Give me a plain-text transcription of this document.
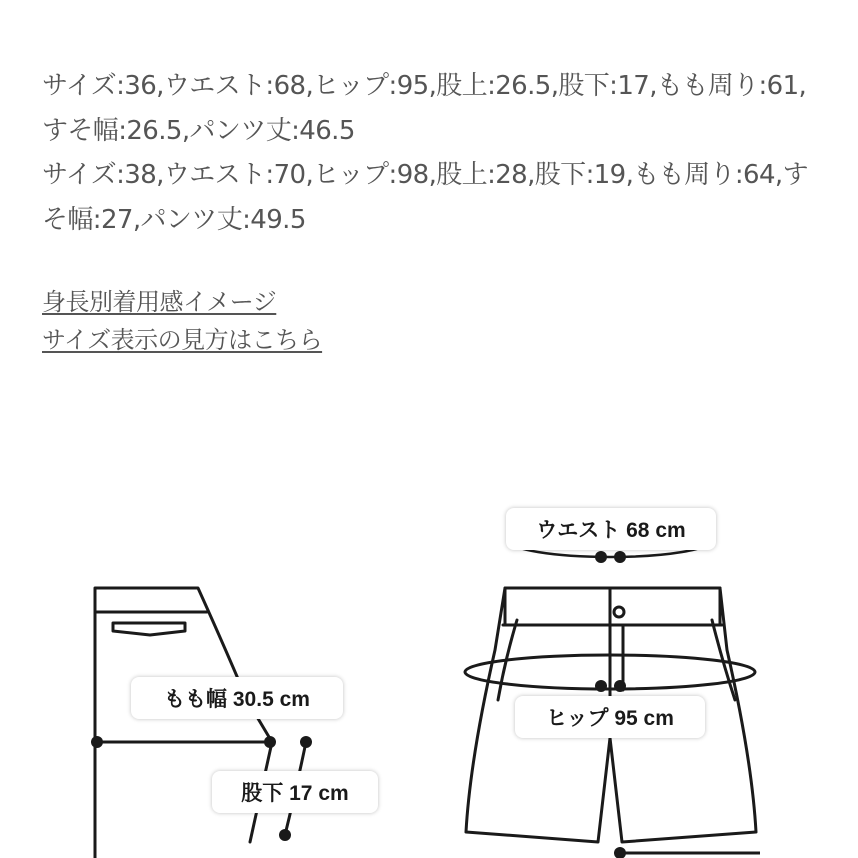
サイズ:36,ウエスト:68,ヒップ:95,股上:26.5,股下:17,もも周り:61,すそ幅:26.5,パンツ丈:46.5

サイズ:38,ウエスト:70,ヒップ:98,股上:28,股下:19,もも周り:64,すそ幅:27,パンツ丈:49.5

身長別着用感イメージ
サイズ表示の見方はこちら
ウエスト 68 cm
もも幅 30.5 cm
ヒップ 95 cm
股下 17 cm
